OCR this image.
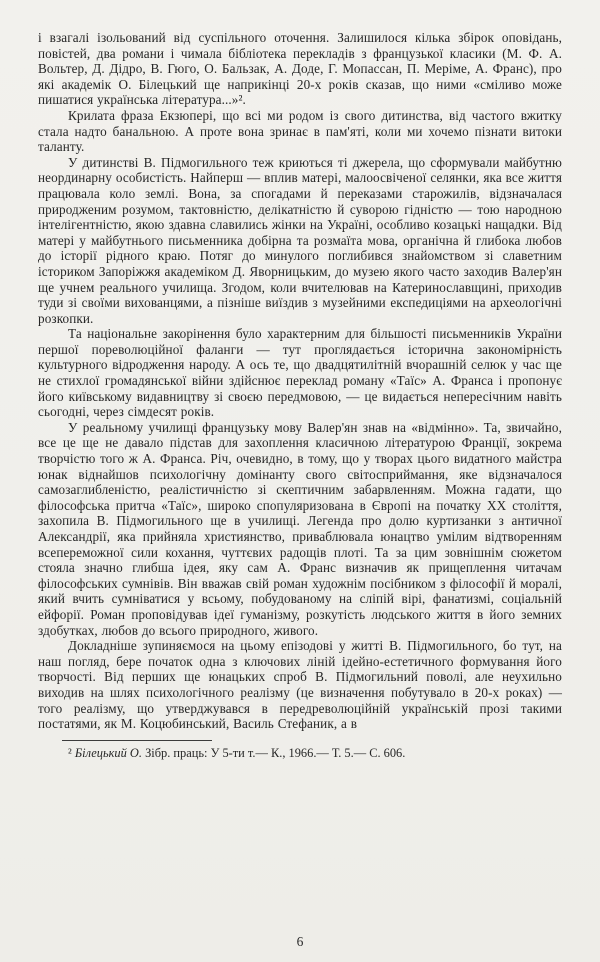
і взагалі ізольований від суспільного оточення. Залишилося кілька збірок оповідань, повістей, два романи і чимала бібліотека перекладів з французької класики (М. Ф. А. Вольтер, Д. Дідро, В. Гюго, О. Бальзак, А. Доде, Г. Мопассан, П. Меріме, А. Франс), про які академік О. Білецький ще наприкінці 20-х років сказав, що ними «сміливо може пишатися українська література...»².

Крилата фраза Екзюпері, що всі ми родом із свого дитинства, від частого вжитку стала надто банальною. А проте вона зринає в пам'яті, коли ми хочемо пізнати витоки таланту.

У дитинстві В. Підмогильного теж криються ті джерела, що сформували майбутню неординарну особистість. Найперш — вплив матері, малоосвіченої селянки, яка все життя працювала коло землі. Вона, за спогадами й переказами старожилів, відзначалася природженим розумом, тактовністю, делікатністю й суворою гідністю — тою народною інтелігентністю, якою здавна славились жінки на Україні, особливо козацькі нащадки. Від матері у майбутнього письменника добірна та розмаїта мова, органічна й глибока любов до історії рідного краю. Потяг до минулого поглибився знайомством зі славетним істориком Запоріжжя академіком Д. Яворницьким, до музею якого часто заходив Валер'ян ще учнем реального училища. Згодом, коли вчителював на Катеринославщині, приходив туди зі своїми вихованцями, а пізніше виїздив з музейними експедиціями на археологічні розкопки.

Та національне закорінення було характерним для більшості письменників України першої пореволюційної фаланги — тут проглядається історична закономірність культурного відродження народу. А ось те, що двадцятилітній вчорашній селюк у час ще не стихлої громадянської війни здійснює переклад роману «Таїс» А. Франса і пропонує його київському видавництву зі своєю передмовою, — це видається непересічним навіть сьогодні, через сімдесят років.

У реальному училищі французьку мову Валер'ян знав на «відмінно». Та, звичайно, все це ще не давало підстав для захоплення класичною літературою Франції, зокрема творчістю того ж А. Франса. Річ, очевидно, в тому, що у творах цього видатного майстра юнак віднайшов психологічну домінанту свого світосприймання, яке відзначалося самозаглибленістю, реалістичністю зі скептичним забарвленням. Можна гадати, що філософська притча «Таїс», широко спопуляризована в Європі на початку XX століття, захопила В. Підмогильного ще в училищі. Легенда про долю куртизанки з античної Александрії, яка прийняла християнство, приваблювала юнацтво умілим відтворенням всепереможної сили кохання, чуттєвих радощів плоті. Та за цим зовнішнім сюжетом стояла значно глибша ідея, яку сам А. Франс визначив як прищеплення читачам філософських сумнівів. Він вважав свій роман художнім посібником з філософії й моралі, який вчить сумніватися у всьому, побудованому на сліпій вірі, фанатизмі, соціальній ейфорії. Роман проповідував ідеї гуманізму, розкутість людського життя в його земних здобутках, любов до всього природного, живого.

Докладніше зупиняємося на цьому епізодові у житті В. Підмогильного, бо тут, на наш погляд, бере початок одна з ключових ліній ідейно-естетичного формування його творчості. Від перших ще юнацьких спроб В. Підмогильний поволі, але неухильно виходив на шлях психологічного реалізму (це визначення побутувало в 20-х роках) — того реалізму, що утверджувався в передреволюційній українській прозі такими постатями, як М. Коцюбинський, Василь Стефаник, а в

² Білецький О. Зібр. праць: У 5-ти т.— К., 1966.— Т. 5.— С. 606.

6
